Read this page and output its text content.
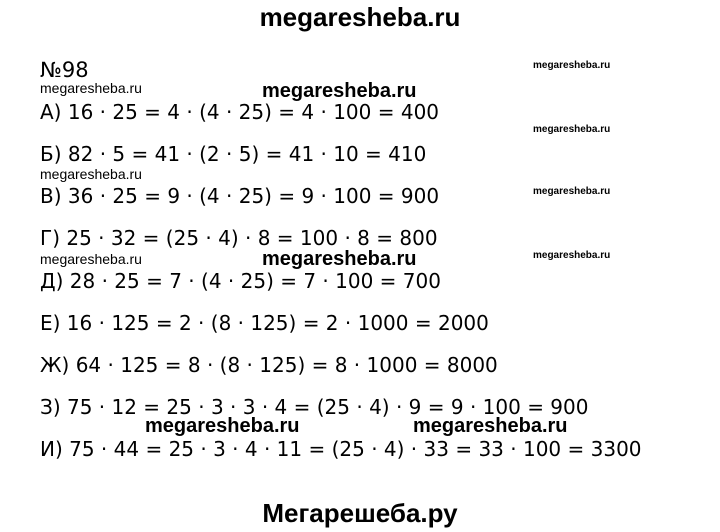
megaresheba.ru
№98
megaresheba.ru	megaresheba.ru
megaresheba.ru
А) 16 · 25 = 4 · (4 · 25) = 4 · 100 = 400
megaresheba.ru
Б) 82 · 5 = 41 · (2 · 5) = 41 · 10 = 410
megaresheba.ru
В) 36 · 25 = 9 · (4 · 25) = 9 · 100 = 900	megaresheba.ru
Г) 25 · 32 = (25 · 4) · 8 = 100 · 8 = 800
megaresheba.ru	megaresheba.ru	megaresheba.ru
Д) 28 · 25 = 7 · (4 · 25) = 7 · 100 = 700
Е) 16 · 125 = 2 · (8 · 125) = 2 · 1000 = 2000
Ж) 64 · 125 = 8 · (8 · 125) = 8 · 1000 = 8000
З) 75 · 12 = 25 · 3 · 3 · 4 = (25 · 4) · 9 = 9 · 100 = 900
megaresheba.ru	megaresheba.ru
И) 75 · 44 = 25 · 3 · 4 · 11 = (25 · 4) · 33 = 33 · 100 = 3300
Мегарешеба.ру
